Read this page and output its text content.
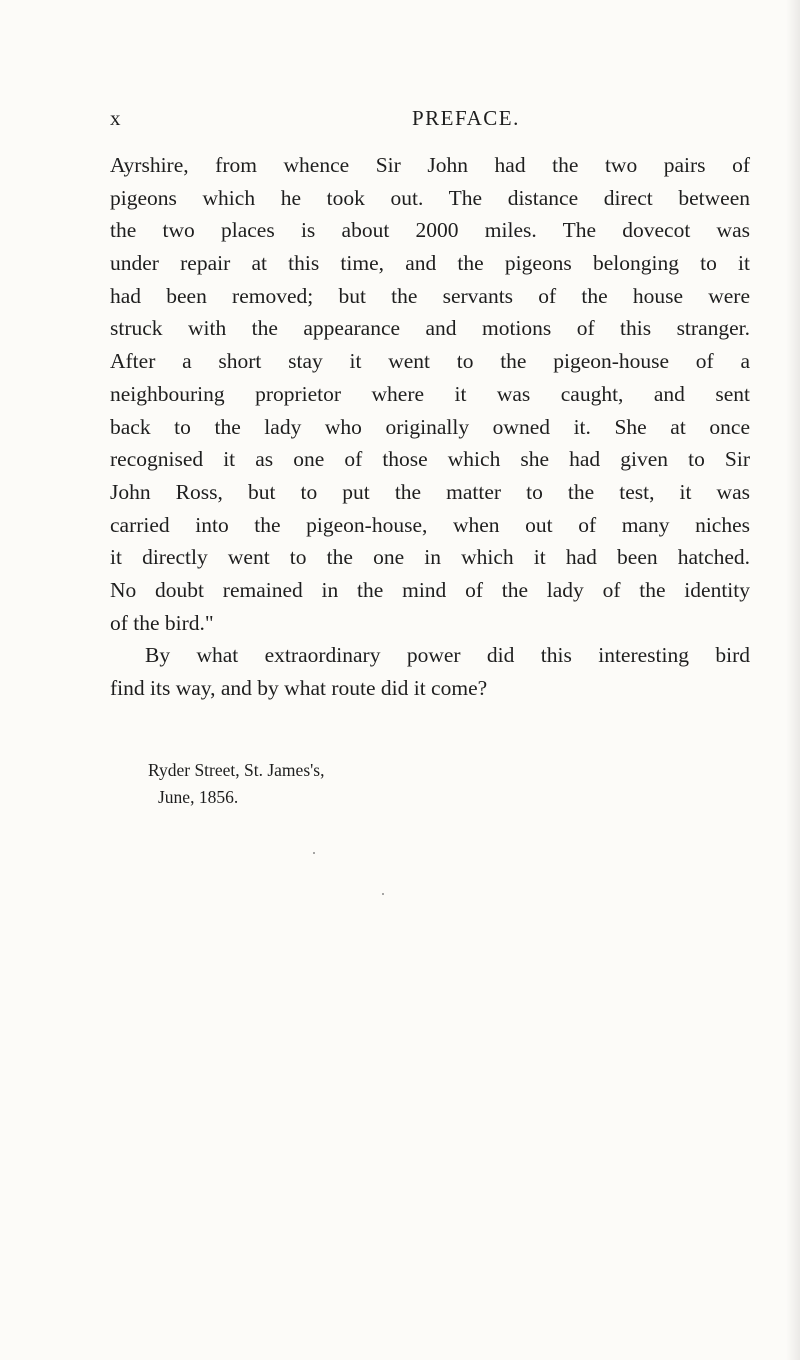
x	PREFACE.
Ayrshire, from whence Sir John had the two pairs of
pigeons which he took out. The distance direct between
the two places is about 2000 miles. The dovecot was
under repair at this time, and the pigeons belonging to it
had been removed; but the servants of the house were
struck with the appearance and motions of this stranger.
After a short stay it went to the pigeon-house of a
neighbouring proprietor where it was caught, and sent
back to the lady who originally owned it. She at once
recognised it as one of those which she had given to Sir
John Ross, but to put the matter to the test, it was
carried into the pigeon-house, when out of many niches
it directly went to the one in which it had been hatched.
No doubt remained in the mind of the lady of the identity
of the bird."
By what extraordinary power did this interesting bird
find its way, and by what route did it come?
Ryder Street, St. James's,
June, 1856.
